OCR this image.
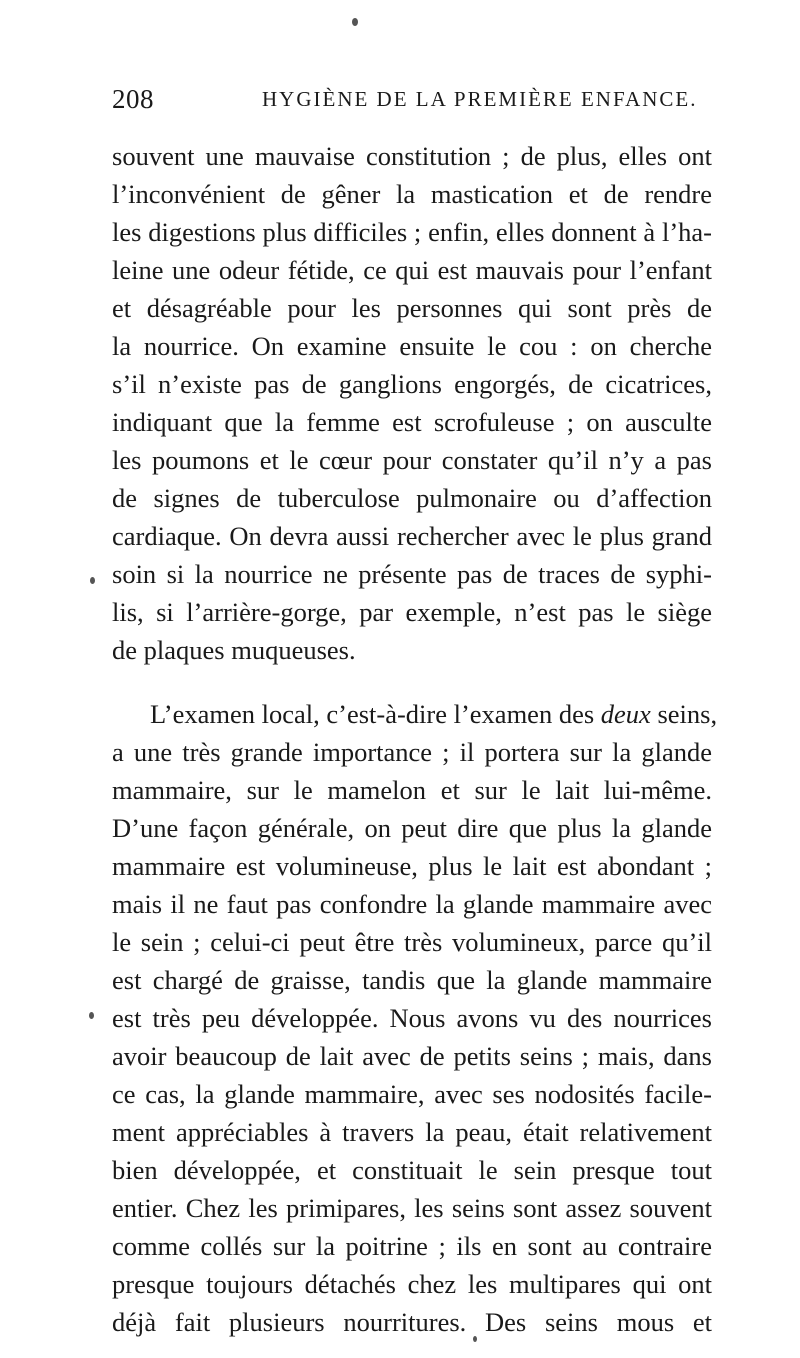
208	HYGIÈNE DE LA PREMIÈRE ENFANCE.
souvent une mauvaise constitution ; de plus, elles ont
l’inconvénient de gêner la mastication et de rendre
les digestions plus difficiles ; enfin, elles donnent à l’ha-
leine une odeur fétide, ce qui est mauvais pour l’enfant
et désagréable pour les personnes qui sont près de
la nourrice. On examine ensuite le cou : on cherche
s’il n’existe pas de ganglions engorgés, de cicatrices,
indiquant que la femme est scrofuleuse ; on ausculte
les poumons et le cœur pour constater qu’il n’y a pas
de signes de tuberculose pulmonaire ou d’affection
cardiaque. On devra aussi rechercher avec le plus grand
soin si la nourrice ne présente pas de traces de syphi-
lis, si l’arrière-gorge, par exemple, n’est pas le siège
de plaques muqueuses.
L’examen local, c’est-à-dire l’examen des deux seins,
a une très grande importance ; il portera sur la glande
mammaire, sur le mamelon et sur le lait lui-même.
D’une façon générale, on peut dire que plus la glande
mammaire est volumineuse, plus le lait est abondant ;
mais il ne faut pas confondre la glande mammaire avec
le sein ; celui-ci peut être très volumineux, parce qu’il
est chargé de graisse, tandis que la glande mammaire
est très peu développée. Nous avons vu des nourrices
avoir beaucoup de lait avec de petits seins ; mais, dans
ce cas, la glande mammaire, avec ses nodosités facile-
ment appréciables à travers la peau, était relativement
bien développée, et constituait le sein presque tout
entier. Chez les primipares, les seins sont assez souvent
comme collés sur la poitrine ; ils en sont au contraire
presque toujours détachés chez les multipares qui ont
déjà fait plusieurs nourritures. Des seins mous et
